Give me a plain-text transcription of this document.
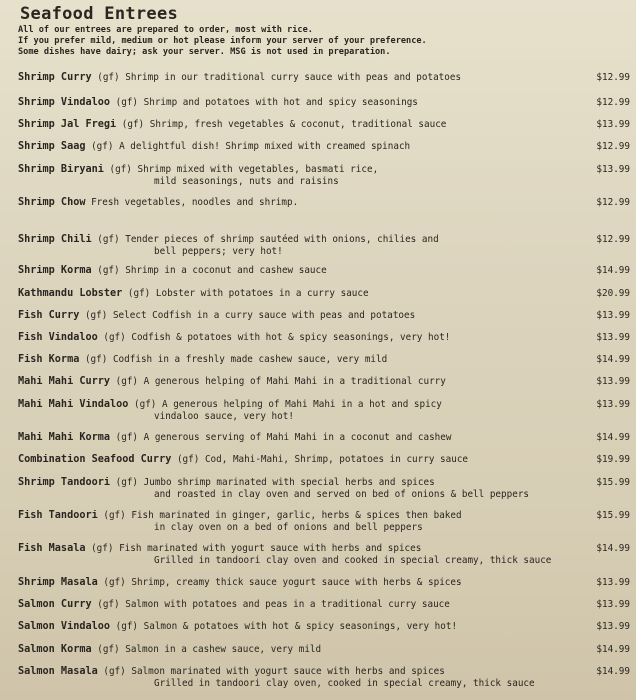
Seafood Entrees
All of our entrees are prepared to order, most with rice.
If you prefer mild, medium or hot please inform your server of your preference.
Some dishes have dairy; ask your server. MSG is not used in preparation.
Shrimp Curry (gf) Shrimp in our traditional curry sauce with peas and potatoes	$12.99
Shrimp Vindaloo (gf) Shrimp and potatoes with hot and spicy seasonings	$12.99
Shrimp Jal Fregi (gf) Shrimp, fresh vegetables & coconut, traditional sauce	$13.99
Shrimp Saag (gf) A delightful dish! Shrimp mixed with creamed spinach	$12.99
Shrimp Biryani (gf) Shrimp mixed with vegetables, basmati rice,	$13.99
mild seasonings, nuts and raisins
Shrimp Chow Fresh vegetables, noodles and shrimp.	$12.99
Shrimp Chili (gf) Tender pieces of shrimp sautéed with onions, chilies and	$12.99
bell peppers; very hot!
Shrimp Korma (gf) Shrimp in a coconut and cashew sauce	$14.99
Kathmandu Lobster (gf) Lobster with potatoes in a curry sauce	$20.99
Fish Curry (gf) Select Codfish in a curry sauce with peas and potatoes	$13.99
Fish Vindaloo (gf) Codfish & potatoes with hot & spicy seasonings, very hot!	$13.99
Fish Korma (gf) Codfish in a freshly made cashew sauce, very mild	$14.99
Mahi Mahi Curry (gf) A generous helping of Mahi Mahi in a traditional curry	$13.99
Mahi Mahi Vindaloo (gf) A generous helping of Mahi Mahi in a hot and spicy	$13.99
vindaloo sauce, very hot!
Mahi Mahi Korma (gf) A generous serving of Mahi Mahi in a coconut and cashew	$14.99
Combination Seafood Curry (gf) Cod, Mahi-Mahi, Shrimp, potatoes in curry sauce	$19.99
Shrimp Tandoori (gf) Jumbo shrimp marinated with special herbs and spices	$15.99
and roasted in clay oven and served on bed of onions & bell peppers
Fish Tandoori (gf) Fish marinated in ginger, garlic, herbs & spices then baked	$15.99
in clay oven on a bed of onions and bell peppers
Fish Masala (gf) Fish marinated with yogurt sauce with herbs and spices	$14.99
Grilled in tandoori clay oven and cooked in special creamy, thick sauce
Shrimp Masala (gf) Shrimp, creamy thick sauce yogurt sauce with herbs & spices	$13.99
Salmon Curry (gf) Salmon with potatoes and peas in a traditional curry sauce	$13.99
Salmon Vindaloo (gf) Salmon & potatoes with hot & spicy seasonings, very hot!	$13.99
Salmon Korma (gf) Salmon in a cashew sauce, very mild	$14.99
Salmon Masala (gf) Salmon marinated with yogurt sauce with herbs and spices	$14.99
Grilled in tandoori clay oven, cooked in special creamy, thick sauce
